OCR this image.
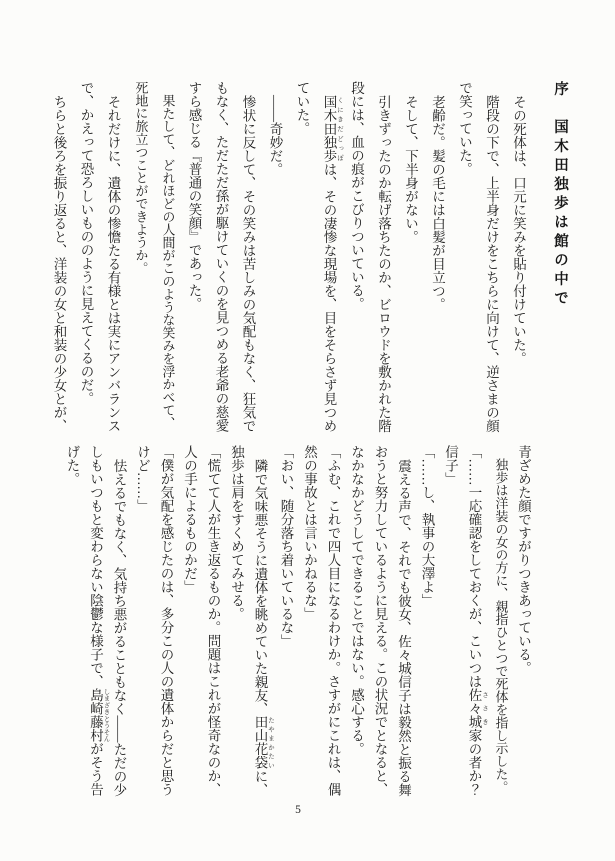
序　国木田独歩は館の中で

その死体は、口元に笑みを貼り付けていた。

階段の下で、上半身だけをこちらに向けて、逆さまの顔で笑っていた。

老齢だ。髪の毛には白髪が目立つ。

そして、下半身がない。

引きずったのか転げ落ちたのか、ビロウドを敷かれた階段には、血の痕がこびりついている。

国木田独歩 くにきだどっぽは、その凄惨な現場を、目をそらさず見つめていた。

――奇妙だ。

惨状に反して、その笑みは苦しみの気配もなく、狂気でもなく、ただただ孫が駆けていくのを見つめる老爺の慈愛すら感じる『普通の笑顔』であった。

果たして、どれほどの人間がこのような笑みを浮かべて、死地に旅立つことができようか。

それだけに、遺体の惨憺たる有様とは実にアンバランスで、かえって恐ろしいもののように見えてくるのだ。

ちらと後ろを振り返ると、洋装の女と和装の少女とが、

青ざめた顔ですがりつきあっている。

独歩は洋装の女の方に、親指ひとつで死体を指し示した。

「……一応確認をしておくが、こいつは佐々城 ささき家の者か？信子」

「……し、執事の大澤よ」

震える声で、それでも彼女、佐々城信子は毅然と振る舞おうと努力しているように見える。この状況でとなると、なかなかどうしてできることではない。感心する。

「ふむ、これで四人目になるわけか。さすがにこれは、偶然の事故とは言いかねるな」

「おい、随分落ち着いているな」

隣で気味悪そうに遺体を眺めていた親友、田山花袋 たやまかたいに、独歩は肩をすくめてみせる。

「慌てて人が生き返るものか。問題はこれが怪奇なのか、人の手によるものかだ」

「僕が気配を感じたのは、多分この人の遺体からだと思うけど……」

怯えるでもなく、気持ち悪がることもなく――ただの少しもいつもと変わらない陰鬱な様子で、島崎藤村 しまざきとうそんがそう告げた。

5
